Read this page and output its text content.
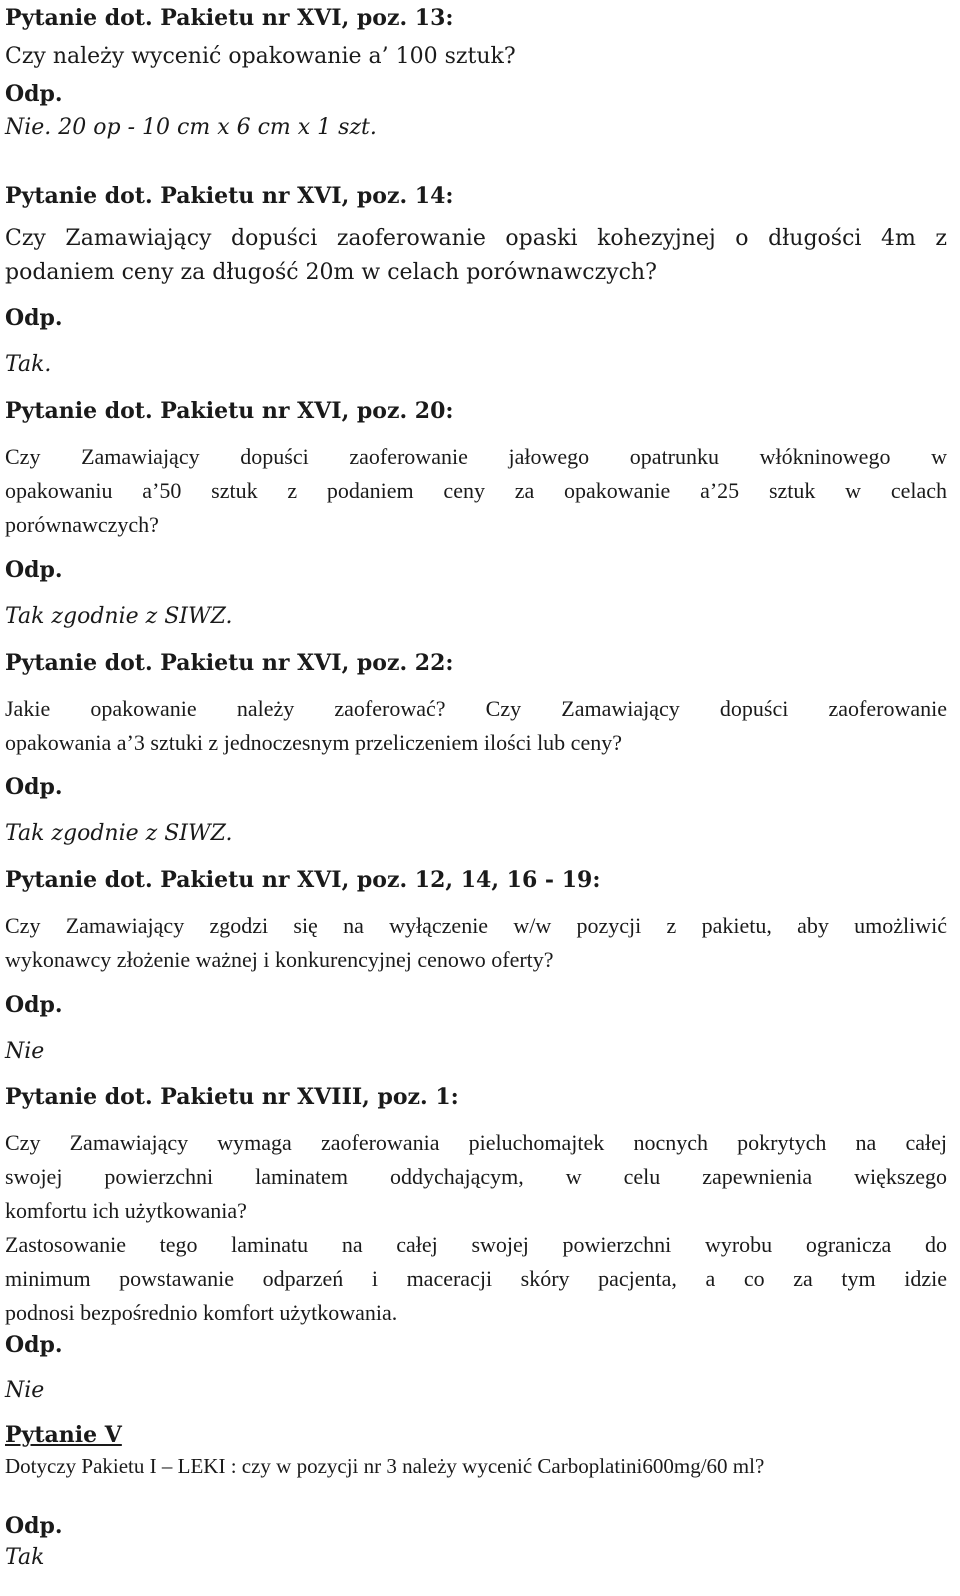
Pytanie dot. Pakietu nr XVI, poz. 13:
Czy należy wycenić opakowanie a’ 100 sztuk?
Odp.
Nie. 20 op - 10 cm x 6 cm x 1 szt.
Pytanie dot. Pakietu nr XVI, poz. 14:
Czy Zamawiający dopuści zaoferowanie opaski kohezyjnej o długości 4m z
podaniem ceny za długość 20m w celach porównawczych?
Odp.
Tak.
Pytanie dot. Pakietu nr XVI, poz. 20:
Czy Zamawiający dopuści zaoferowanie jałowego opatrunku włókninowego w
opakowaniu a’50 sztuk z podaniem ceny za opakowanie a’25 sztuk w celach
porównawczych?
Odp.
Tak zgodnie z SIWZ.
Pytanie dot. Pakietu nr XVI, poz. 22:
Jakie opakowanie należy zaoferować? Czy Zamawiający dopuści zaoferowanie
opakowania a’3 sztuki z jednoczesnym przeliczeniem ilości lub ceny?
Odp.
Tak zgodnie z SIWZ.
Pytanie dot. Pakietu nr XVI, poz. 12, 14, 16 - 19:
Czy Zamawiający zgodzi się na wyłączenie w/w pozycji z pakietu, aby umożliwić
wykonawcy złożenie ważnej i konkurencyjnej cenowo oferty?
Odp.
Nie
Pytanie dot. Pakietu nr XVIII, poz. 1:
Czy Zamawiający wymaga zaoferowania pieluchomajtek nocnych pokrytych na całej
swojej powierzchni laminatem oddychającym, w celu zapewnienia większego
komfortu ich użytkowania?
Zastosowanie tego laminatu na całej swojej powierzchni wyrobu ogranicza do
minimum powstawanie odparzeń i maceracji skóry pacjenta, a co za tym idzie
podnosi bezpośrednio komfort użytkowania.
Odp.
Nie
Pytanie V
Dotyczy Pakietu I – LEKI : czy w pozycji nr 3 należy wycenić Carboplatini600mg/60 ml?
Odp.
Tak
